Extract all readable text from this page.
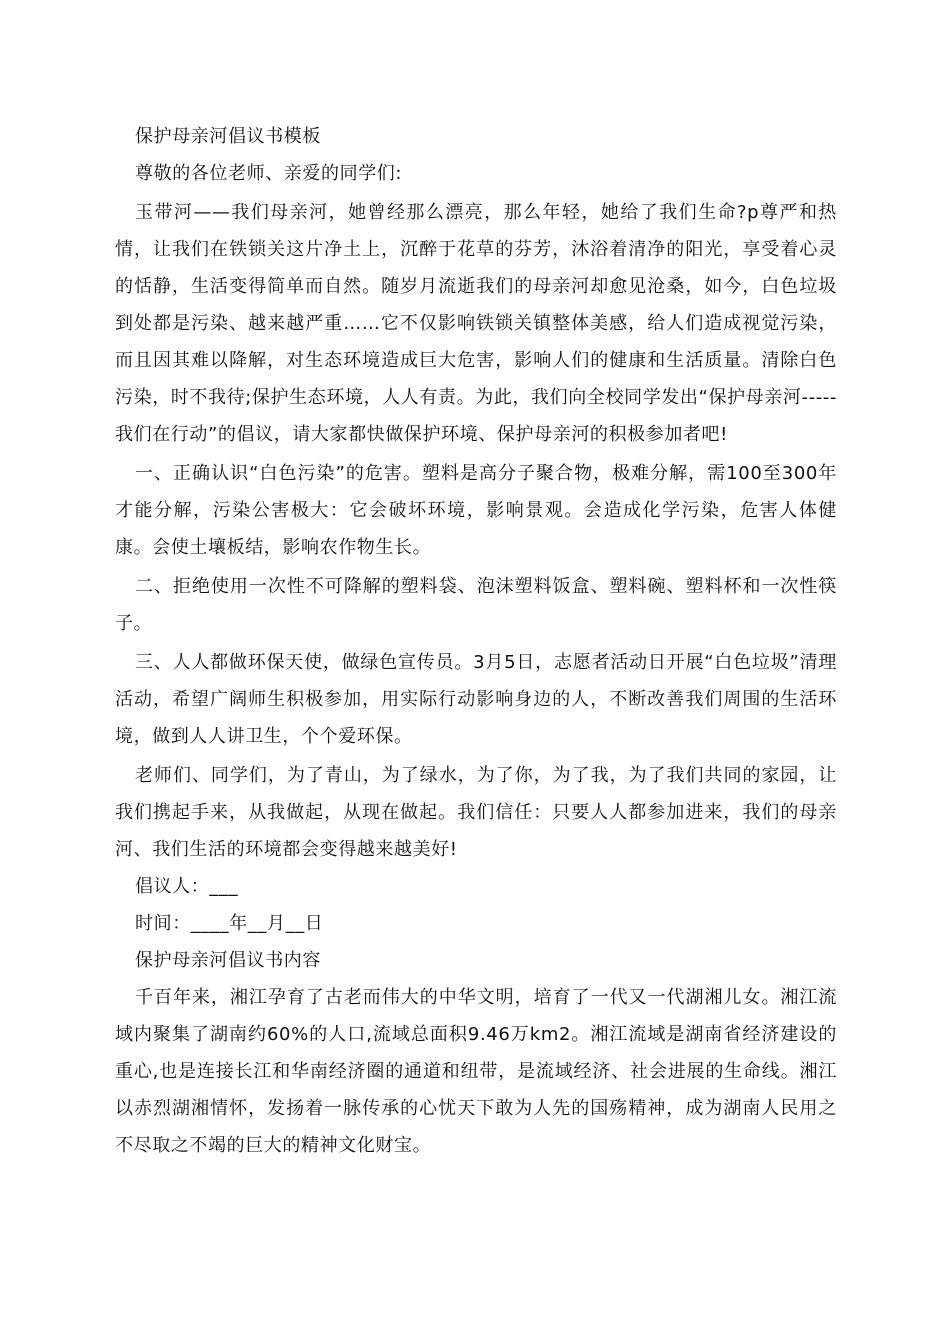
保护母亲河倡议书模板

尊敬的各位老师、亲爱的同学们:

玉带河——我们母亲河，她曾经那么漂亮，那么年轻，她给了我们生命?p尊严和热情，让我们在铁锁关这片净土上，沉醉于花草的芬芳，沐浴着清净的阳光，享受着心灵的恬静，生活变得简单而自然。随岁月流逝我们的母亲河却愈见沧桑，如今，白色垃圾到处都是污染、越来越严重……它不仅影响铁锁关镇整体美感，给人们造成视觉污染，而且因其难以降解，对生态环境造成巨大危害，影响人们的健康和生活质量。清除白色污染，时不我待;保护生态环境，人人有责。为此，我们向全校同学发出“保护母亲河-----我们在行动”的倡议，请大家都快做保护环境、保护母亲河的积极参加者吧!

一、正确认识“白色污染”的危害。塑料是高分子聚合物，极难分解，需100至300年才能分解，污染公害极大：它会破坏环境，影响景观。会造成化学污染，危害人体健康。会使土壤板结，影响农作物生长。

二、拒绝使用一次性不可降解的塑料袋、泡沫塑料饭盒、塑料碗、塑料杯和一次性筷子。

三、人人都做环保天使，做绿色宣传员。3月5日，志愿者活动日开展“白色垃圾”清理活动，希望广阔师生积极参加，用实际行动影响身边的人，不断改善我们周围的生活环境，做到人人讲卫生，个个爱环保。

老师们、同学们，为了青山，为了绿水，为了你，为了我，为了我们共同的家园，让我们携起手来，从我做起，从现在做起。我们信任：只要人人都参加进来，我们的母亲河、我们生活的环境都会变得越来越美好!

倡议人：___

时间：____年__月__日

保护母亲河倡议书内容

千百年来，湘江孕育了古老而伟大的中华文明，培育了一代又一代湖湘儿女。湘江流域内聚集了湖南约60%的人口,流域总面积9.46万km2。湘江流域是湖南省经济建设的重心,也是连接长江和华南经济圈的通道和纽带，是流域经济、社会进展的生命线。湘江以赤烈湖湘情怀，发扬着一脉传承的心忧天下敢为人先的国殇精神，成为湖南人民用之不尽取之不竭的巨大的精神文化财宝。
